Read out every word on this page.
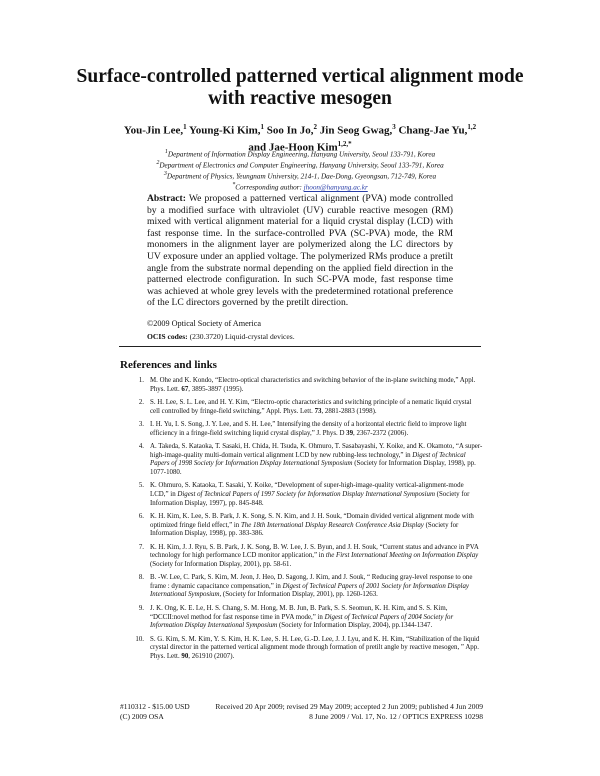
Surface-controlled patterned vertical alignment mode with reactive mesogen
You-Jin Lee,$^1$ Young-Ki Kim,$^1$ Soo In Jo,$^2$ Jin Seog Gwag,$^3$ Chang-Jae Yu,$^{1,2}$
and Jae-Hoon Kim$^{1,2,*}$
$^1$Department of Information Display Engineering, Hanyang University, Seoul 133-791, Korea
$^2$Department of Electronics and Computer Engineering, Hanyang University, Seoul 133-791, Korea
$^3$Department of Physics, Yeungnam University, 214-1, Dae-Dong, Gyeongsan, 712-749, Korea
*Corresponding author: jhoon@hanyang.ac.kr
Abstract: We proposed a patterned vertical alignment (PVA) mode controlled by a modified surface with ultraviolet (UV) curable reactive mesogen (RM) mixed with vertical alignment material for a liquid crystal display (LCD) with fast response time. In the surface-controlled PVA (SC-PVA) mode, the RM monomers in the alignment layer are polymerized along the LC directors by UV exposure under an applied voltage. The polymerized RMs produce a pretilt angle from the substrate normal depending on the applied field direction in the patterned electrode configuration. In such SC-PVA mode, fast response time was achieved at whole grey levels with the predetermined rotational preference of the LC directors governed by the pretilt direction.
©2009 Optical Society of America
OCIS codes: (230.3720) Liquid-crystal devices.
References and links
1. M. Ohe and K. Kondo, “Electro-optical characteristics and switching behavior of the in-plane switching mode,” Appl. Phys. Lett. 67, 3895-3897 (1995).
2. S. H. Lee, S. L. Lee, and H. Y. Kim, “Electro-optic characteristics and switching principle of a nematic liquid crystal cell controlled by fringe-field switching,” Appl. Phys. Lett. 73, 2881-2883 (1998).
3. I. H. Yu, I. S. Song, J. Y. Lee, and S. H. Lee,” Intensifying the density of a horizontal electric field to improve light efficiency in a fringe-field switching liquid crystal display,” J. Phys. D 39, 2367-2372 (2006).
4. A. Takeda, S. Kataoka, T. Sasaki, H. Chida, H. Tsuda, K. Ohmuro, T. Sasabayashi, Y. Koike, and K. Okamoto, “A super-high-image-quality multi-domain vertical alignment LCD by new rubbing-less technology,” in Digest of Technical Papers of 1998 Society for Information Display International Symposium (Society for Information Display, 1998), pp. 1077-1080.
5. K. Ohmuro, S. Kataoka, T. Sasaki, Y. Koike, “Development of super-high-image-quality vertical-alignment-mode LCD,” in Digest of Technical Papers of 1997 Society for Information Display International Symposium (Society for Information Display, 1997), pp. 845-848.
6. K. H. Kim, K. Lee, S. B. Park, J. K. Song, S. N. Kim, and J. H. Souk, “Domain divided vertical alignment mode with optimized fringe field effect,” in The 18th International Display Research Conference Asia Display (Society for Information Display, 1998), pp. 383-386.
7. K. H. Kim, J. J. Ryu, S. B. Park, J. K. Song, B. W. Lee, J. S. Byun, and J. H. Souk, “Current status and advance in PVA technology for high performance LCD monitor application,” in the First International Meeting on Information Display (Society for Information Display, 2001), pp. 58-61.
8. B. -W. Lee, C. Park, S. Kim, M. Jeon, J. Heo, D. Sagong, J. Kim, and J. Souk, “ Reducing gray-level response to one frame : dynamic capacitance compensation,” in Digest of Technical Papers of 2001 Society for Information Display International Symposium, (Society for Information Display, 2001), pp. 1260-1263.
9. J. K. Ong, K. E. Le, H. S. Chang, S. M. Hong, M. B. Jun, B. Park, S. S. Seomun, K. H. Kim, and S. S. Kim, “DCCII:novel method for fast response time in PVA mode,” in Digest of Technical Papers of 2004 Society for Information Display International Symposium (Society for Information Display, 2004), pp.1344-1347.
10. S. G. Kim, S. M. Kim, Y. S. Kim, H. K. Lee, S. H. Lee, G.-D. Lee, J. J. Lyu, and K. H. Kim, “Stabilization of the liquid crystal director in the patterned vertical alignment mode through formation of pretilt angle by reactive mesogen, ” App. Phys. Lett. 90, 261910 (2007).
#110312 - $15.00 USD	Received 20 Apr 2009; revised 29 May 2009; accepted 2 Jun 2009; published 4 Jun 2009
(C) 2009 OSA	8 June 2009 / Vol. 17, No. 12 / OPTICS EXPRESS 10298
